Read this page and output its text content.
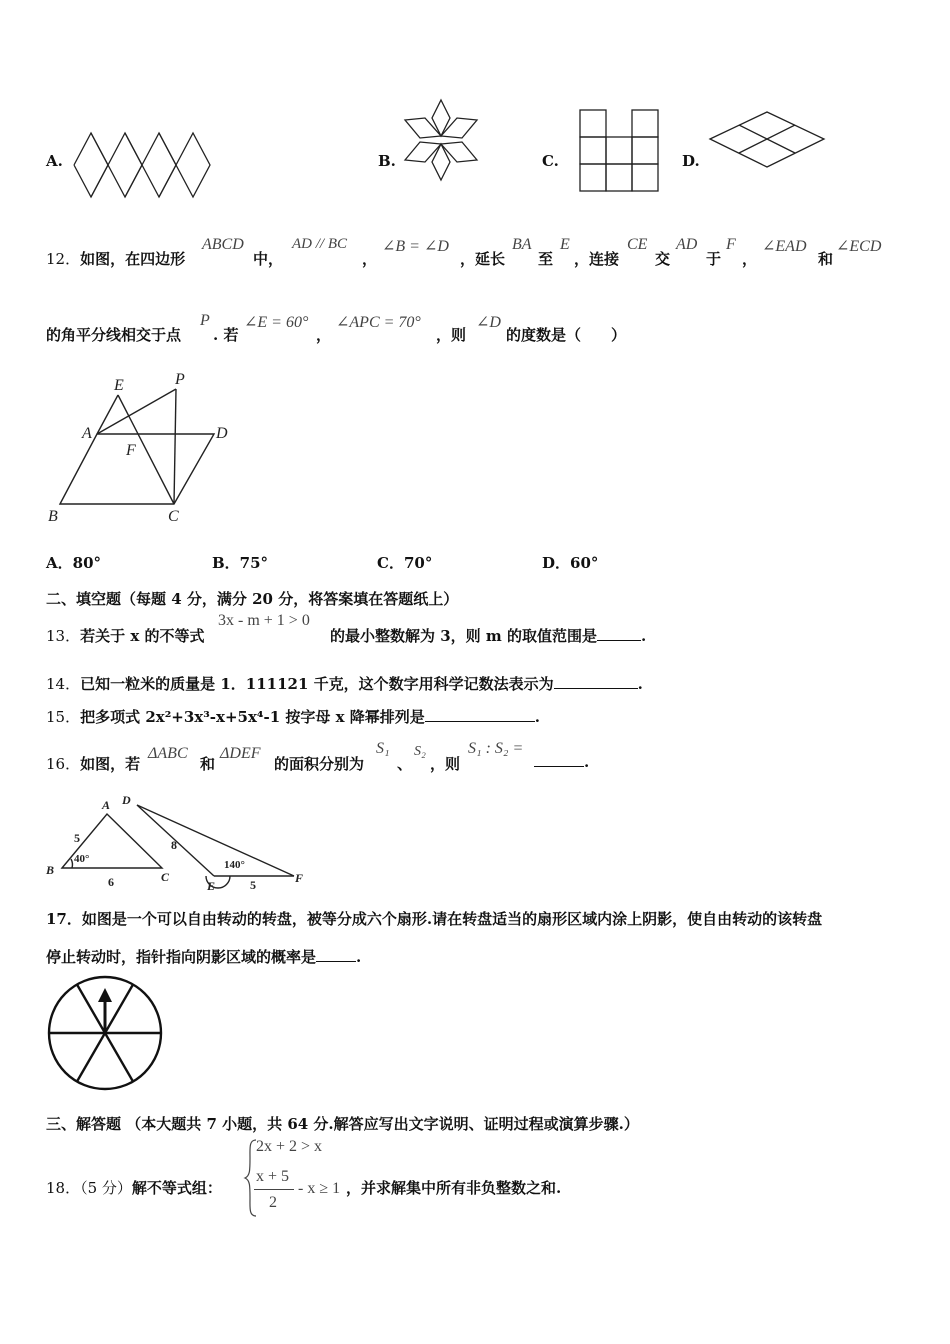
A.	B.	C.	D.
12．如图，在四边形
ABCD
中，
AD // BC
，
∠B = ∠D
，延长
BA
至
E
，连接
CE
交
AD
于
F
，
∠EAD
和
∠ECD
的角平分线相交于点
P
. 若
∠E = 60°
，
∠APC = 70°
，则
∠D
的度数是（　　）
E	P
A	D
F
B	C
A．80°	B．75°	C．70°	D．60°
二、填空题（每题 4 分，满分 20 分，将答案填在答题纸上）
13．若关于 x 的不等式
3x - m + 1 > 0
的最小整数解为 3，则 m 的取值范围是	.
14．已知一粒米的质量是 1．111121 千克，这个数字用科学记数法表示为	.
15．把多项式 2x²+3x³-x+5x⁴-1 按字母 x 降幂排列是	.
16．如图，若
ΔABC
和
ΔDEF
的面积分别为
S₁
、
S₂
，则
S₁ : S₂ =
.
A
B	C
5
6
40°
D
E
F
8
5
140°
17．如图是一个可以自由转动的转盘，被等分成六个扇形.请在转盘适当的扇形区域内涂上阴影，使自由转动的该转盘
停止转动时，指针指向阴影区域的概率是	.
三、解答题 （本大题共 7 小题，共 64 分.解答应写出文字说明、证明过程或演算步骤.）
18．（5 分）解不等式组：
2x + 2 > x
x + 5
2
- x ≥ 1 ，并求解集中所有非负整数之和.
